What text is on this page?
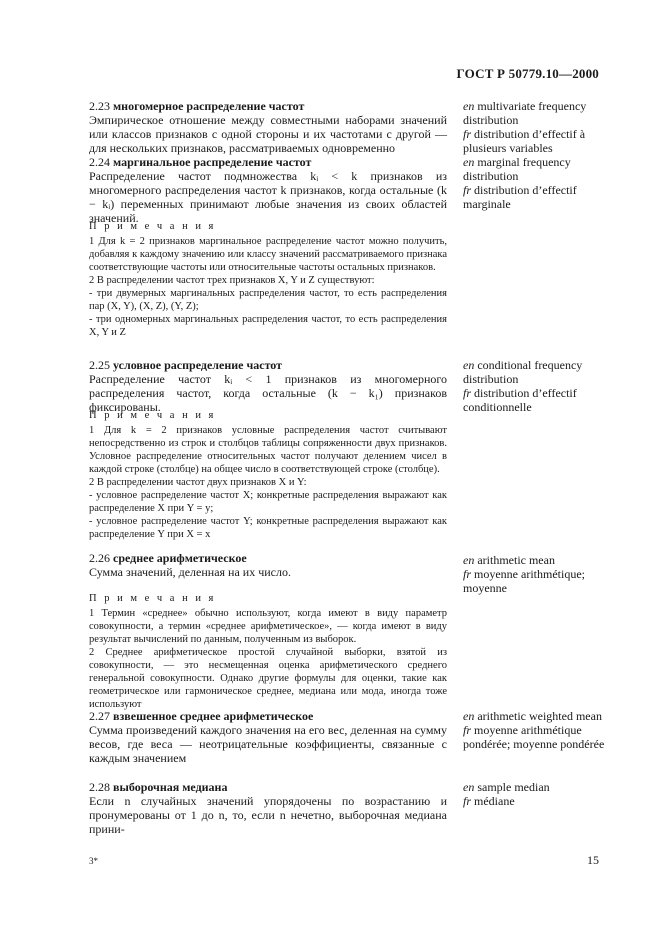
ГОСТ Р 50779.10—2000
2.23 многомерное распределение частот

Эмпирическое отношение между совместными наборами значений или классов признаков с одной стороны и их частотами с другой — для нескольких признаков, рассматриваемых одновременно

2.24 маргинальное распределение частот

Распределение частот подмножества kᵢ < k признаков из многомерного распределения частот k признаков, когда остальные (k − kᵢ) переменных принимают любые значения из своих областей значений.

П р и м е ч а н и я

1 Для k = 2 признаков маргинальное распределение частот можно получить, добавляя к каждому значению или классу значений рассматриваемого признака соответствующие частоты или относительные частоты остальных признаков.

2 В распределении частот трех признаков X, Y и Z существуют:

- три двумерных маргинальных распределения частот, то есть распределения пар (X, Y), (X, Z), (Y, Z);

- три одномерных маргинальных распределения частот, то есть распределения X, Y и Z

2.25 условное распределение частот

Распределение частот kᵢ < 1 признаков из многомерного распределения частот, когда остальные (k − k₁) признаков фиксированы.

П р и м е ч а н и я

1 Для k = 2 признаков условные распределения частот считывают непосредственно из строк и столбцов таблицы сопряженности двух признаков. Условное распределение относительных частот получают делением чисел в каждой строке (столбце) на общее число в соответствующей строке (столбце).

2 В распределении частот двух признаков X и Y:

- условное распределение частот X; конкретные распределения выражают как распределение X при Y = y;

- условное распределение частот Y; конкретные распределения выражают как распределение Y при X = x

2.26 среднее арифметическое

Сумма значений, деленная на их число.

П р и м е ч а н и я

1 Термин «среднее» обычно используют, когда имеют в виду параметр совокупности, а термин «среднее арифметическое», — когда имеют в виду результат вычислений по данным, полученным из выборок.

2 Среднее арифметическое простой случайной выборки, взятой из совокупности, — это несмещенная оценка арифметического среднего генеральной совокупности. Однако другие формулы для оценки, такие как геометрическое или гармоническое среднее, медиана или мода, иногда тоже используют

2.27 взвешенное среднее арифметическое

Сумма произведений каждого значения на его вес, деленная на сумму весов, где веса — неотрицательные коэффициенты, связанные с каждым значением

2.28 выборочная медиана

Если n случайных значений упорядочены по возрастанию и пронумерованы от 1 до n, то, если n нечетно, выборочная медиана прини-

en multivariate frequency distribution

fr distribution d’effectif à plusieurs variables

en marginal frequency distribution

fr distribution d’effectif marginale

en conditional frequency distribution

fr distribution d’effectif conditionnelle

en arithmetic mean

fr moyenne arithmétique; moyenne

en arithmetic weighted mean

fr moyenne arithmétique pondérée; moyenne pondérée

en sample median

fr médiane

3*	15
